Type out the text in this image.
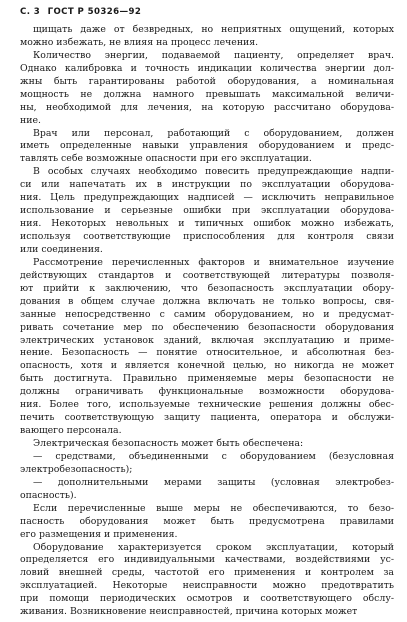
С. 3 ГОСТ Р 50326—92
щищать даже от безвредных, но неприятных ощущений, которых
можно избежать, не влияя на процесс лечения.
Количество энергии, подаваемой пациенту, определяет врач.
Однако калибровка и точность индикации количества энергии дол-
жны быть гарантированы работой оборудования, а номинальная
мощность не должна намного превышать максимальной величи-
ны, необходимой для лечения, на которую рассчитано оборудова-
ние.
Врач или персонал, работающий с оборудованием, должен
иметь определенные навыки управления оборудованием и предс-
тавлять себе возможные опасности при его эксплуатации.
В особых случаях необходимо повесить предупреждающие надпи-
си или напечатать их в инструкции по эксплуатации оборудова-
ния. Цель предупреждающих надписей — исключить неправильное
использование и серьезные ошибки при эксплуатации оборудова-
ния. Некоторых невольных и типичных ошибок можно избежать,
используя соответствующие приспособления для контроля связи
или соединения.
Рассмотрение перечисленных факторов и внимательное изучение
действующих стандартов и соответствующей литературы позволя-
ют прийти к заключению, что безопасность эксплуатации обору-
дования в общем случае должна включать не только вопросы, свя-
занные непосредственно с самим оборудованием, но и предусмат-
ривать сочетание мер по обеспечению безопасности оборудования
электрических установок зданий, включая эксплуатацию и приме-
нение. Безопасность — понятие относительное, и абсолютная без-
опасность, хотя и является конечной целью, но никогда не может
быть достигнута. Правильно применяемые меры безопасности не
должны ограничивать функциональные возможности оборудова-
ния. Более того, используемые технические решения должны обес-
печить соответствующую защиту пациента, оператора и обслужи-
вающего персонала.
Электрическая безопасность может быть обеспечена:
— средствами, объединенными с оборудованием (безусловная
электробезопасность);
— дополнительными мерами защиты (условная электробез-
опасность).
Если перечисленные выше меры не обеспечиваются, то безо-
пасность оборудования может быть предусмотрена правилами
его размещения и применения.
Оборудование характеризуется сроком эксплуатации, который
определяется его индивидуальными качествами, воздействиями ус-
ловий внешней среды, частотой его применения и контролем за
эксплуатацией. Некоторые неисправности можно предотвратить
при помощи периодических осмотров и соответствующего обслу-
живания. Возникновение неисправностей, причина которых может
